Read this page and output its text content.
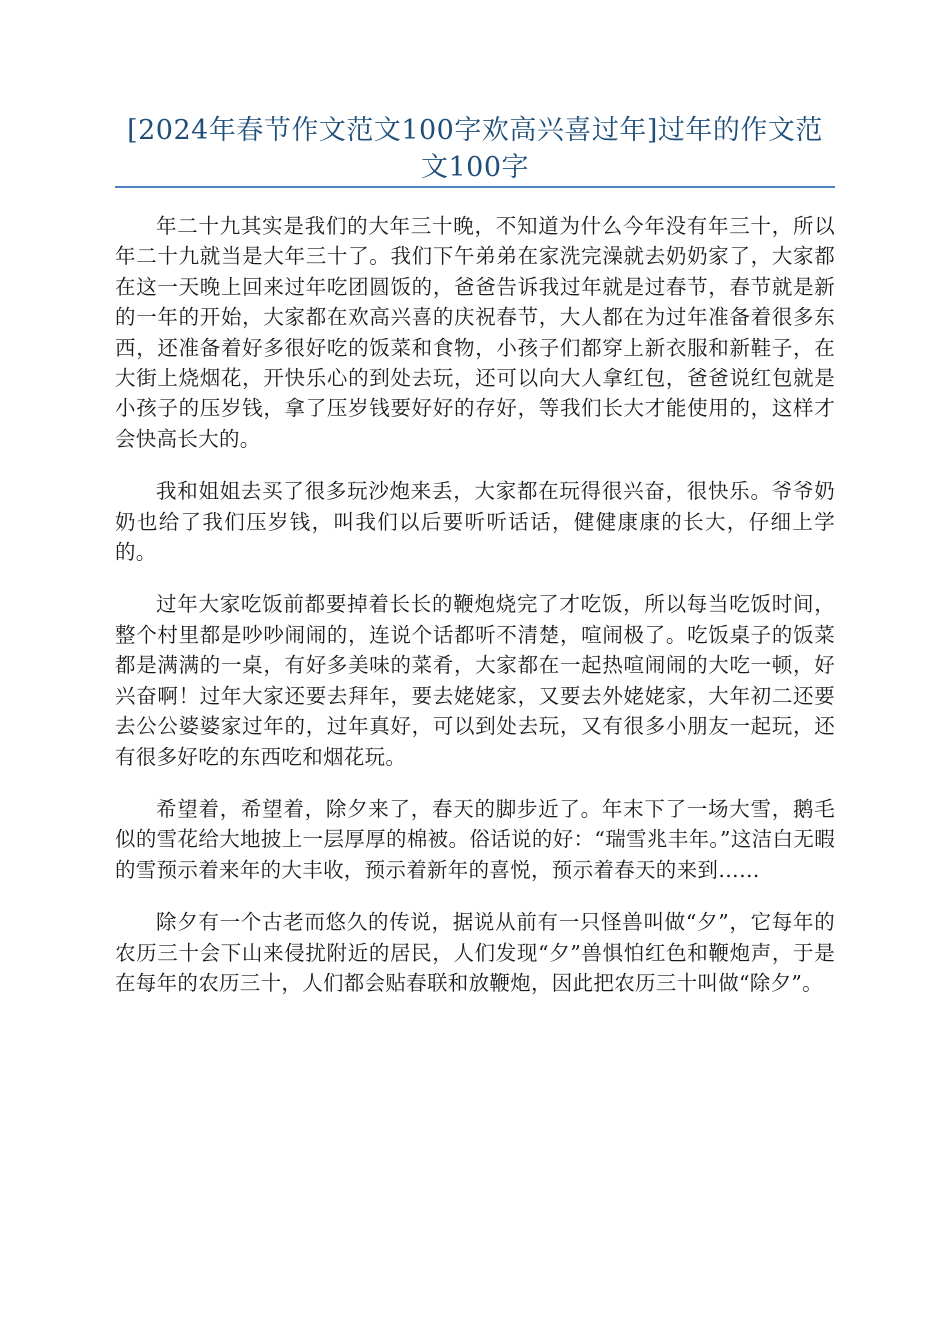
[2024年春节作文范文100字欢高兴喜过年]过年的作文范文100字

年二十九其实是我们的大年三十晚，不知道为什么今年没有年三十，所以年二十九就当是大年三十了。我们下午弟弟在家洗完澡就去奶奶家了，大家都在这一天晚上回来过年吃团圆饭的，爸爸告诉我过年就是过春节，春节就是新的一年的开始，大家都在欢高兴喜的庆祝春节，大人都在为过年准备着很多东西，还准备着好多很好吃的饭菜和食物，小孩子们都穿上新衣服和新鞋子，在大街上烧烟花，开快乐心的到处去玩，还可以向大人拿红包，爸爸说红包就是小孩子的压岁钱，拿了压岁钱要好好的存好，等我们长大才能使用的，这样才会快高长大的。

我和姐姐去买了很多玩沙炮来丢，大家都在玩得很兴奋，很快乐。爷爷奶奶也给了我们压岁钱，叫我们以后要听听话话，健健康康的长大，仔细上学的。

过年大家吃饭前都要掉着长长的鞭炮烧完了才吃饭，所以每当吃饭时间，整个村里都是吵吵闹闹的，连说个话都听不清楚，喧闹极了。吃饭桌子的饭菜都是满满的一桌，有好多美味的菜肴，大家都在一起热喧闹闹的大吃一顿，好兴奋啊！过年大家还要去拜年，要去姥姥家，又要去外姥姥家，大年初二还要去公公婆婆家过年的，过年真好，可以到处去玩，又有很多小朋友一起玩，还有很多好吃的东西吃和烟花玩。

希望着，希望着，除夕来了，春天的脚步近了。年末下了一场大雪，鹅毛似的雪花给大地披上一层厚厚的棉被。俗话说的好：“瑞雪兆丰年。”这洁白无暇的雪预示着来年的大丰收，预示着新年的喜悦，预示着春天的来到……

除夕有一个古老而悠久的传说，据说从前有一只怪兽叫做“夕”，它每年的农历三十会下山来侵扰附近的居民，人们发现“夕”兽惧怕红色和鞭炮声，于是在每年的农历三十，人们都会贴春联和放鞭炮，因此把农历三十叫做“除夕”。
